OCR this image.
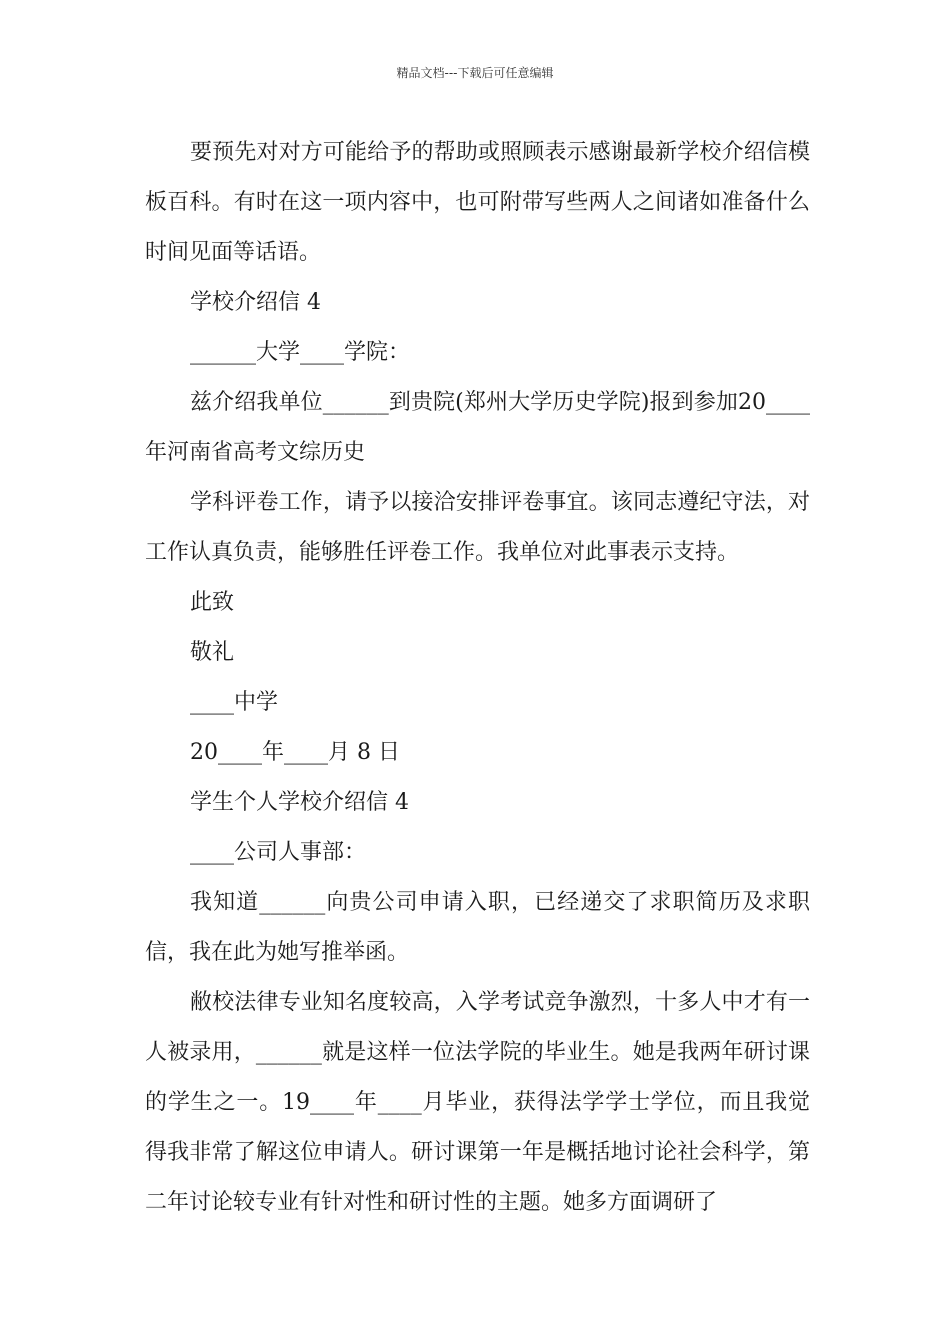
精品文档---下载后可任意编辑

要预先对对方可能给予的帮助或照顾表示感谢最新学校介绍信模板百科。有时在这一项内容中，也可附带写些两人之间诸如准备什么时间见面等话语。

学校介绍信 4

______大学____学院：

兹介绍我单位______到贵院(郑州大学历史学院)报到参加20____年河南省高考文综历史

学科评卷工作，请予以接洽安排评卷事宜。该同志遵纪守法，对工作认真负责，能够胜任评卷工作。我单位对此事表示支持。

此致

敬礼

____中学

20____年____月 8 日

学生个人学校介绍信 4

____公司人事部：

我知道______向贵公司申请入职，已经递交了求职简历及求职信，我在此为她写推举函。

敝校法律专业知名度较高，入学考试竞争激烈，十多人中才有一人被录用，______就是这样一位法学院的毕业生。她是我两年研讨课的学生之一。19____年____月毕业，获得法学学士学位，而且我觉得我非常了解这位申请人。研讨课第一年是概括地讨论社会科学，第二年讨论较专业有针对性和研讨性的主题。她多方面调研了
